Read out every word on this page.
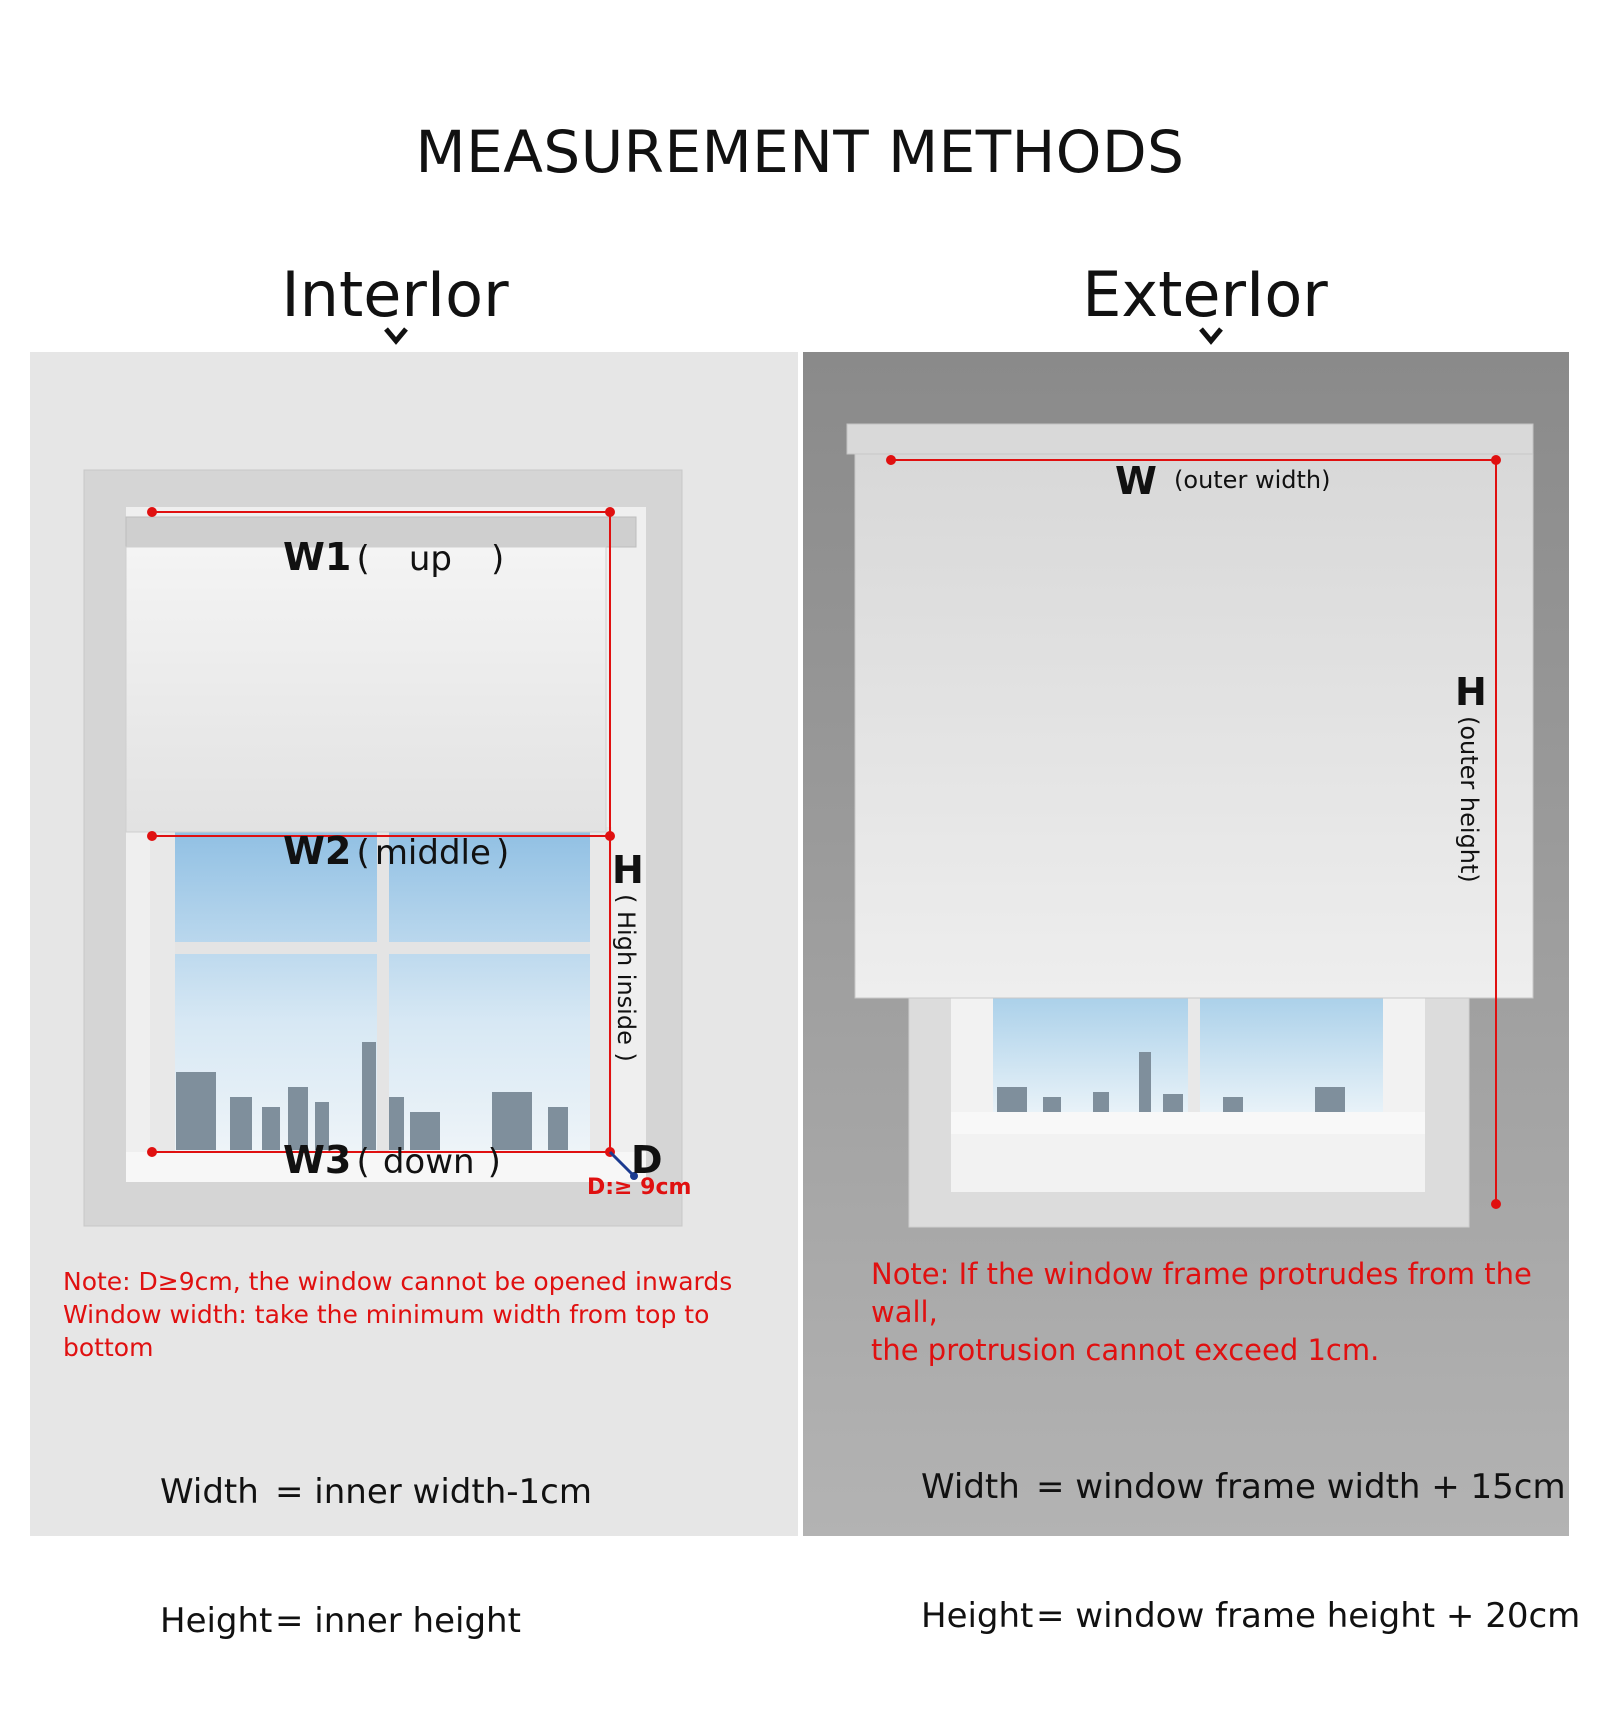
MEASUREMENT METHODS
InterIor	ExterIor
W1 ( up )
W2 ( middle )
W3 ( down )
H
( High inside )
D
D:≥ 9cm
Note: D≥9cm, the window cannot be opened inwards
Window width: take the minimum width from top to bottom

Width = inner width-1cm

Height = inner height

W (outer width)
H
(outer height)
Note: If the window frame protrudes from the wall,
the protrusion cannot exceed 1cm.

Width = window frame width + 15cm

Height = window frame height + 20cm
